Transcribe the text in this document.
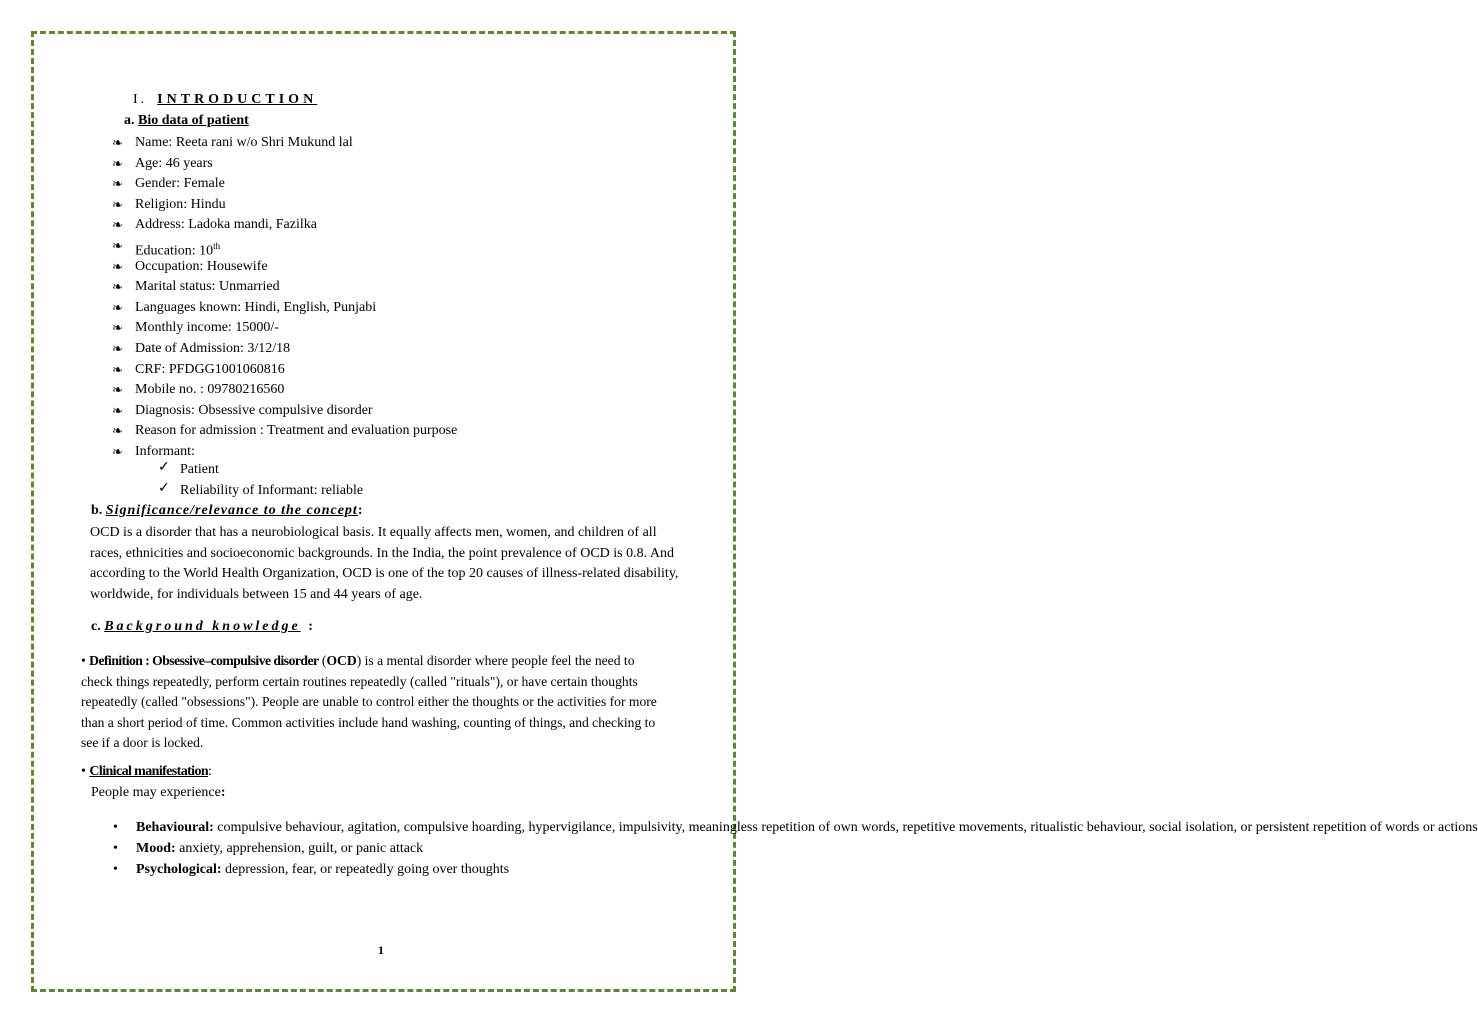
I. INTRODUCTION
a. Bio data of patient
❧ Name: Reeta rani w/o Shri Mukund lal
❧ Age: 46 years
❧ Gender: Female
❧ Religion: Hindu
❧ Address: Ladoka mandi, Fazilka
❧ Education: 10th
❧ Occupation: Housewife
❧ Marital status: Unmarried
❧ Languages known: Hindi, English, Punjabi
❧ Monthly income: 15000/-
❧ Date of Admission: 3/12/18
❧ CRF: PFDGG1001060816
❧ Mobile no. : 09780216560
❧ Diagnosis: Obsessive compulsive disorder
❧ Reason for admission : Treatment and evaluation purpose
❧ Informant:
✓ Patient
✓ Reliability of Informant: reliable
b. Significance/relevance to the concept:
OCD is a disorder that has a neurobiological basis. It equally affects men, women, and children of all races, ethnicities and socioeconomic backgrounds. In the India, the point prevalence of OCD is 0.8. And according to the World Health Organization, OCD is one of the top 20 causes of illness-related disability, worldwide, for individuals between 15 and 44 years of age.
c. Background knowledge :
• Definition : Obsessive–compulsive disorder (OCD) is a mental disorder where people feel the need to check things repeatedly, perform certain routines repeatedly (called "rituals"), or have certain thoughts repeatedly (called "obsessions"). People are unable to control either the thoughts or the activities for more than a short period of time. Common activities include hand washing, counting of things, and checking to see if a door is locked.
• Clinical manifestation:
People may experience:
• Behavioural: compulsive behaviour, agitation, compulsive hoarding, hypervigilance, impulsivity, meaningless repetition of own words, repetitive movements, ritualistic behaviour, social isolation, or persistent repetition of words or actions
• Mood: anxiety, apprehension, guilt, or panic attack
• Psychological: depression, fear, or repeatedly going over thoughts
1
